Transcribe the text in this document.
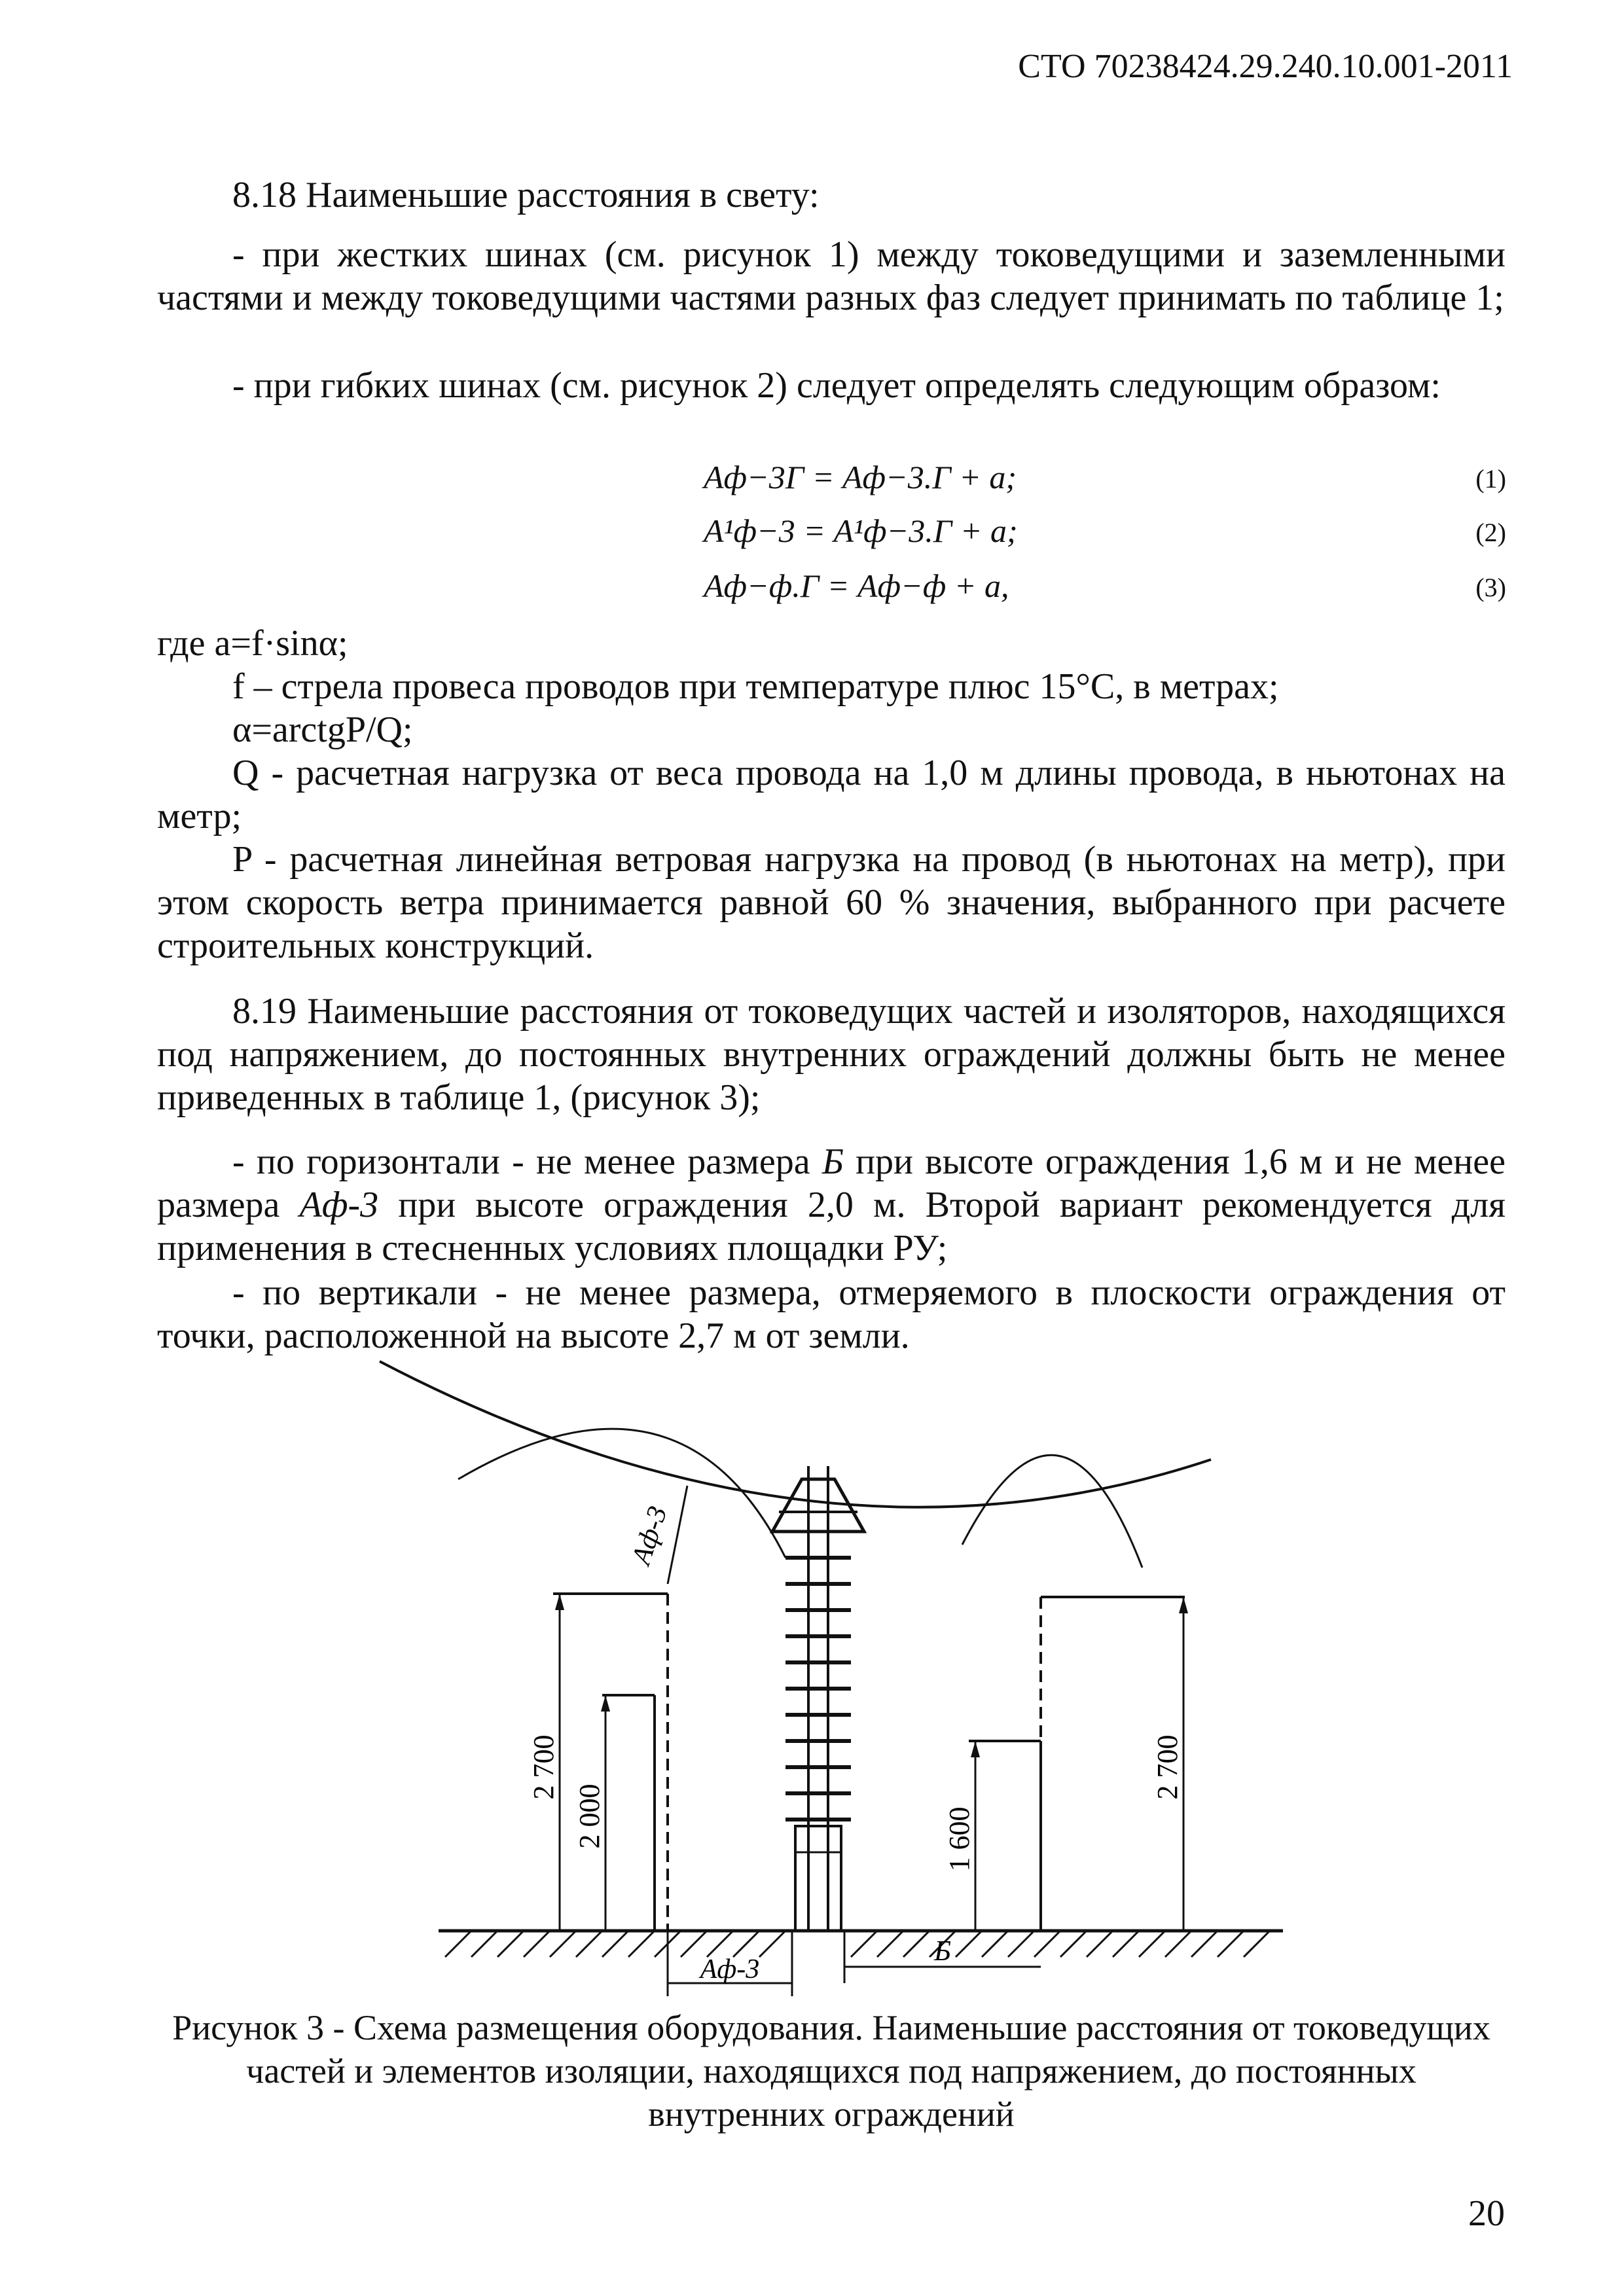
СТО 70238424.29.240.10.001-2011

8.18 Наименьшие расстояния в свету:

- при жестких шинах (см. рисунок 1) между токоведущими и заземленными частями и между токоведущими частями разных фаз следует принимать по таблице 1;

- при гибких шинах (см. рисунок 2) следует определять следующим образом:

Aф−3Г = Aф−3.Г + a;	(1)
A¹ф−3 = A¹ф−3.Г + a;	(2)
Aф−ф.Г = Aф−ф + a,	(3)
где a=f·sinα;
f – стрела провеса проводов при температуре плюс 15°С, в метрах;
α=arctgP/Q;

Q - расчетная нагрузка от веса провода на 1,0 м длины провода, в ньютонах на метр;

P - расчетная линейная ветровая нагрузка на провод (в ньютонах на метр), при этом скорость ветра принимается равной 60 % значения, выбранного при расчете строительных конструкций.

8.19 Наименьшие расстояния от токоведущих частей и изоляторов, находящихся под напряжением, до постоянных внутренних ограждений должны быть не менее приведенных в таблице 1, (рисунок 3);

- по горизонтали - не менее размера Б при высоте ограждения 1,6 м и не менее размера Aф-3 при высоте ограждения 2,0 м. Второй вариант рекомендуется для применения в стесненных условиях площадки РУ;

- по вертикали - не менее размера, отмеряемого в плоскости ограждения от точки, расположенной на высоте 2,7 м от земли.

2 700
2 000	1 600
2 700
Aф-3
Aф-3
Б
Рисунок 3 - Схема размещения оборудования. Наименьшие расстояния от токоведущих частей и элементов изоляции, находящихся под напряжением, до постоянных внутренних ограждений
20
